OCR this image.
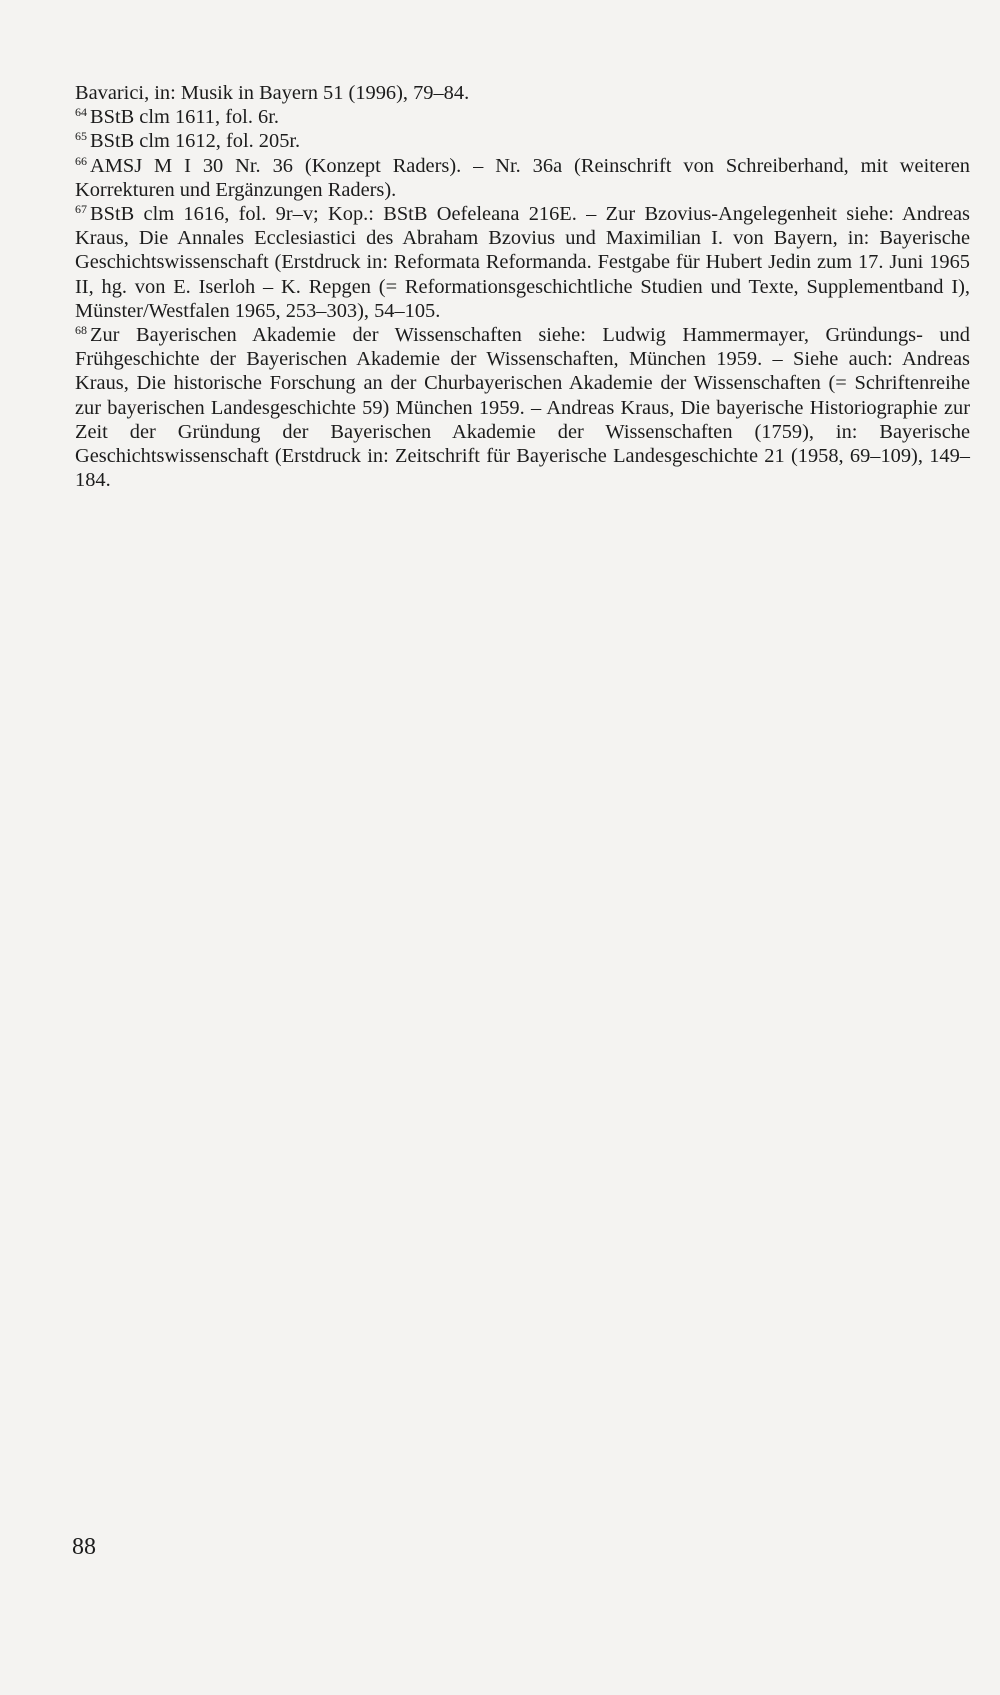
Bavarici, in: Musik in Bayern 51 (1996), 79–84.

$^{64}$ BStB clm 1611, fol. 6r.

$^{65}$ BStB clm 1612, fol. 205r.

$^{66}$ AMSJ M I 30 Nr. 36 (Konzept Raders). – Nr. 36a (Reinschrift von Schreiberhand, mit weiteren Korrekturen und Ergänzungen Raders).

$^{67}$ BStB clm 1616, fol. 9r–v; Kop.: BStB Oefeleana 216E. – Zur Bzovius-Angelegenheit siehe: Andreas Kraus, Die Annales Ecclesiastici des Abraham Bzovius und Maximilian I. von Bayern, in: Bayerische Geschichtswissenschaft (Erstdruck in: Reformata Reformanda. Festgabe für Hubert Jedin zum 17. Juni 1965 II, hg. von E. Iserloh – K. Repgen (= Reformationsgeschichtliche Studien und Texte, Supplementband I), Münster/Westfalen 1965, 253–303), 54–105.

$^{68}$ Zur Bayerischen Akademie der Wissenschaften siehe: Ludwig Hammermayer, Gründungs- und Frühgeschichte der Bayerischen Akademie der Wissenschaften, München 1959. – Siehe auch: Andreas Kraus, Die historische Forschung an der Churbayerischen Akademie der Wissenschaften (= Schriftenreihe zur bayerischen Landesgeschichte 59) München 1959. – Andreas Kraus, Die bayerische Historiographie zur Zeit der Gründung der Bayerischen Akademie der Wissenschaften (1759), in: Bayerische Geschichtswissenschaft (Erstdruck in: Zeitschrift für Bayerische Landesgeschichte 21 (1958, 69–109), 149–184.

88
